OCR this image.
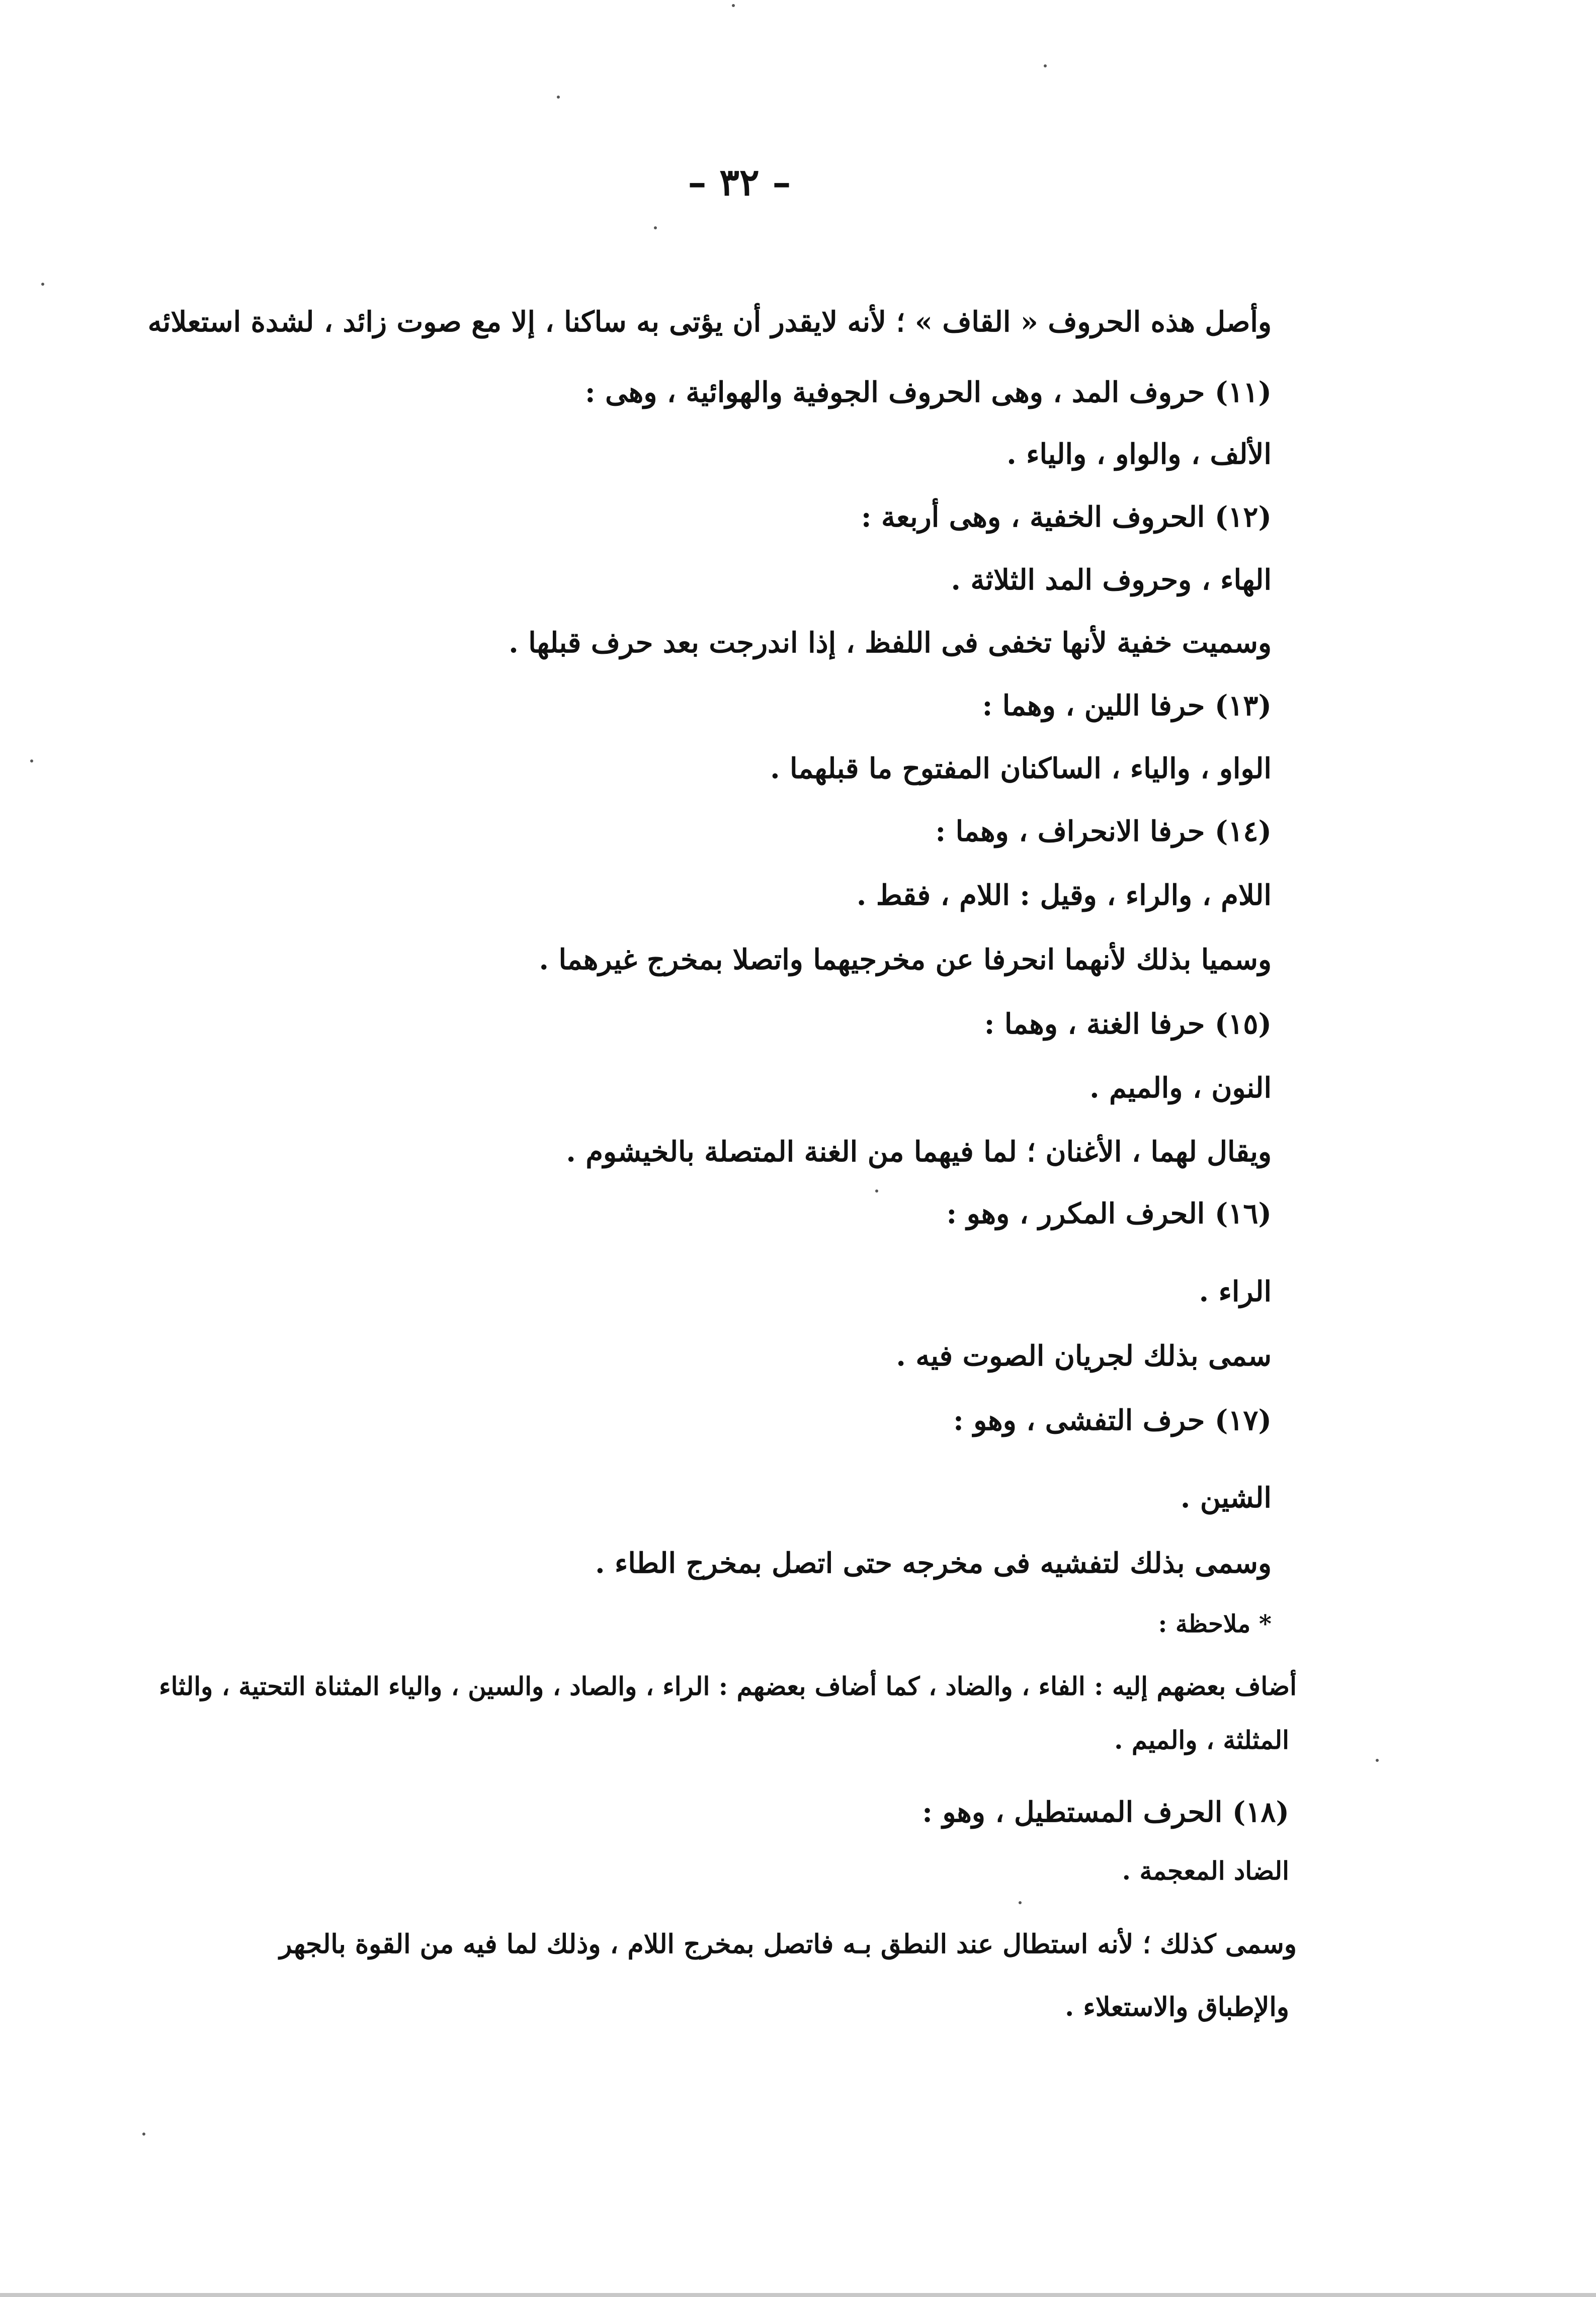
– ٣٢ –
وأصل هذه الحروف « القاف » ؛ لأنه لايقدر أن يؤتى به ساكنا ، إلا مع صوت زائد ، لشدة استعلائه
(١١) حروف المد ، وهى الحروف الجوفية والهوائية ، وهى :
الألف ، والواو ، والياء .
(١٢) الحروف الخفية ، وهى أربعة :
الهاء ، وحروف المد الثلاثة .
وسميت خفية لأنها تخفى فى اللفظ ، إذا اندرجت بعد حرف قبلها .
(١٣) حرفا اللين ، وهما :
الواو ، والياء ، الساكنان المفتوح ما قبلهما .
(١٤) حرفا الانحراف ، وهما :
اللام ، والراء ، وقيل : اللام ، فقط .
وسميا بذلك لأنهما انحرفا عن مخرجيهما واتصلا بمخرج غيرهما .
(١٥) حرفا الغنة ، وهما :
النون ، والميم .
ويقال لهما ، الأغنان ؛ لما فيهما من الغنة المتصلة بالخيشوم .
(١٦) الحرف المكرر ، وهو :
الراء .
سمى بذلك لجريان الصوت فيه .
(١٧) حرف التفشى ، وهو :
الشين .
وسمى بذلك لتفشيه فى مخرجه حتى اتصل بمخرج الطاء .
* ملاحظة :
أضاف بعضهم إليه : الفاء ، والضاد ، كما أضاف بعضهم : الراء ، والصاد ، والسين ، والياء المثناة التحتية ، والثاء
المثلثة ، والميم .
(١٨) الحرف المستطيل ، وهو :
الضاد المعجمة .
وسمى كذلك ؛ لأنه استطال عند النطق بـه فاتصل بمخرج اللام ، وذلك لما فيه من القوة بالجهر
والإطباق والاستعلاء .
